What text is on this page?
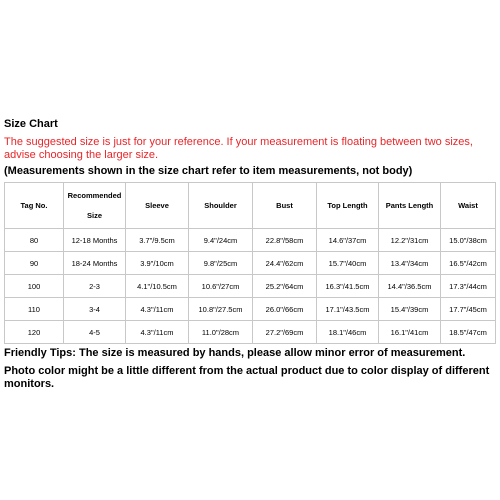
Size Chart
The suggested size is just for your reference. If your measurement is floating between two sizes, advise choosing the larger size.
(Measurements shown in the size chart refer to item measurements, not body)
Tag No.	Recommended Size	Sleeve	Shoulder	Bust	Top Length	Pants Length	Waist
80	12-18 Months	3.7"/9.5cm	9.4"/24cm	22.8"/58cm	14.6"/37cm	12.2"/31cm	15.0"/38cm
90	18-24 Months	3.9"/10cm	9.8"/25cm	24.4"/62cm	15.7"/40cm	13.4"/34cm	16.5"/42cm
100	2-3	4.1"/10.5cm	10.6"/27cm	25.2"/64cm	16.3"/41.5cm	14.4"/36.5cm	17.3"/44cm
110	3-4	4.3"/11cm	10.8"/27.5cm	26.0"/66cm	17.1"/43.5cm	15.4"/39cm	17.7"/45cm
120	4-5	4.3"/11cm	11.0"/28cm	27.2"/69cm	18.1"/46cm	16.1"/41cm	18.5"/47cm
Friendly Tips: The size is measured by hands, please allow minor error of measurement.
Photo color might be a little different from the actual product due to color display of different monitors.
